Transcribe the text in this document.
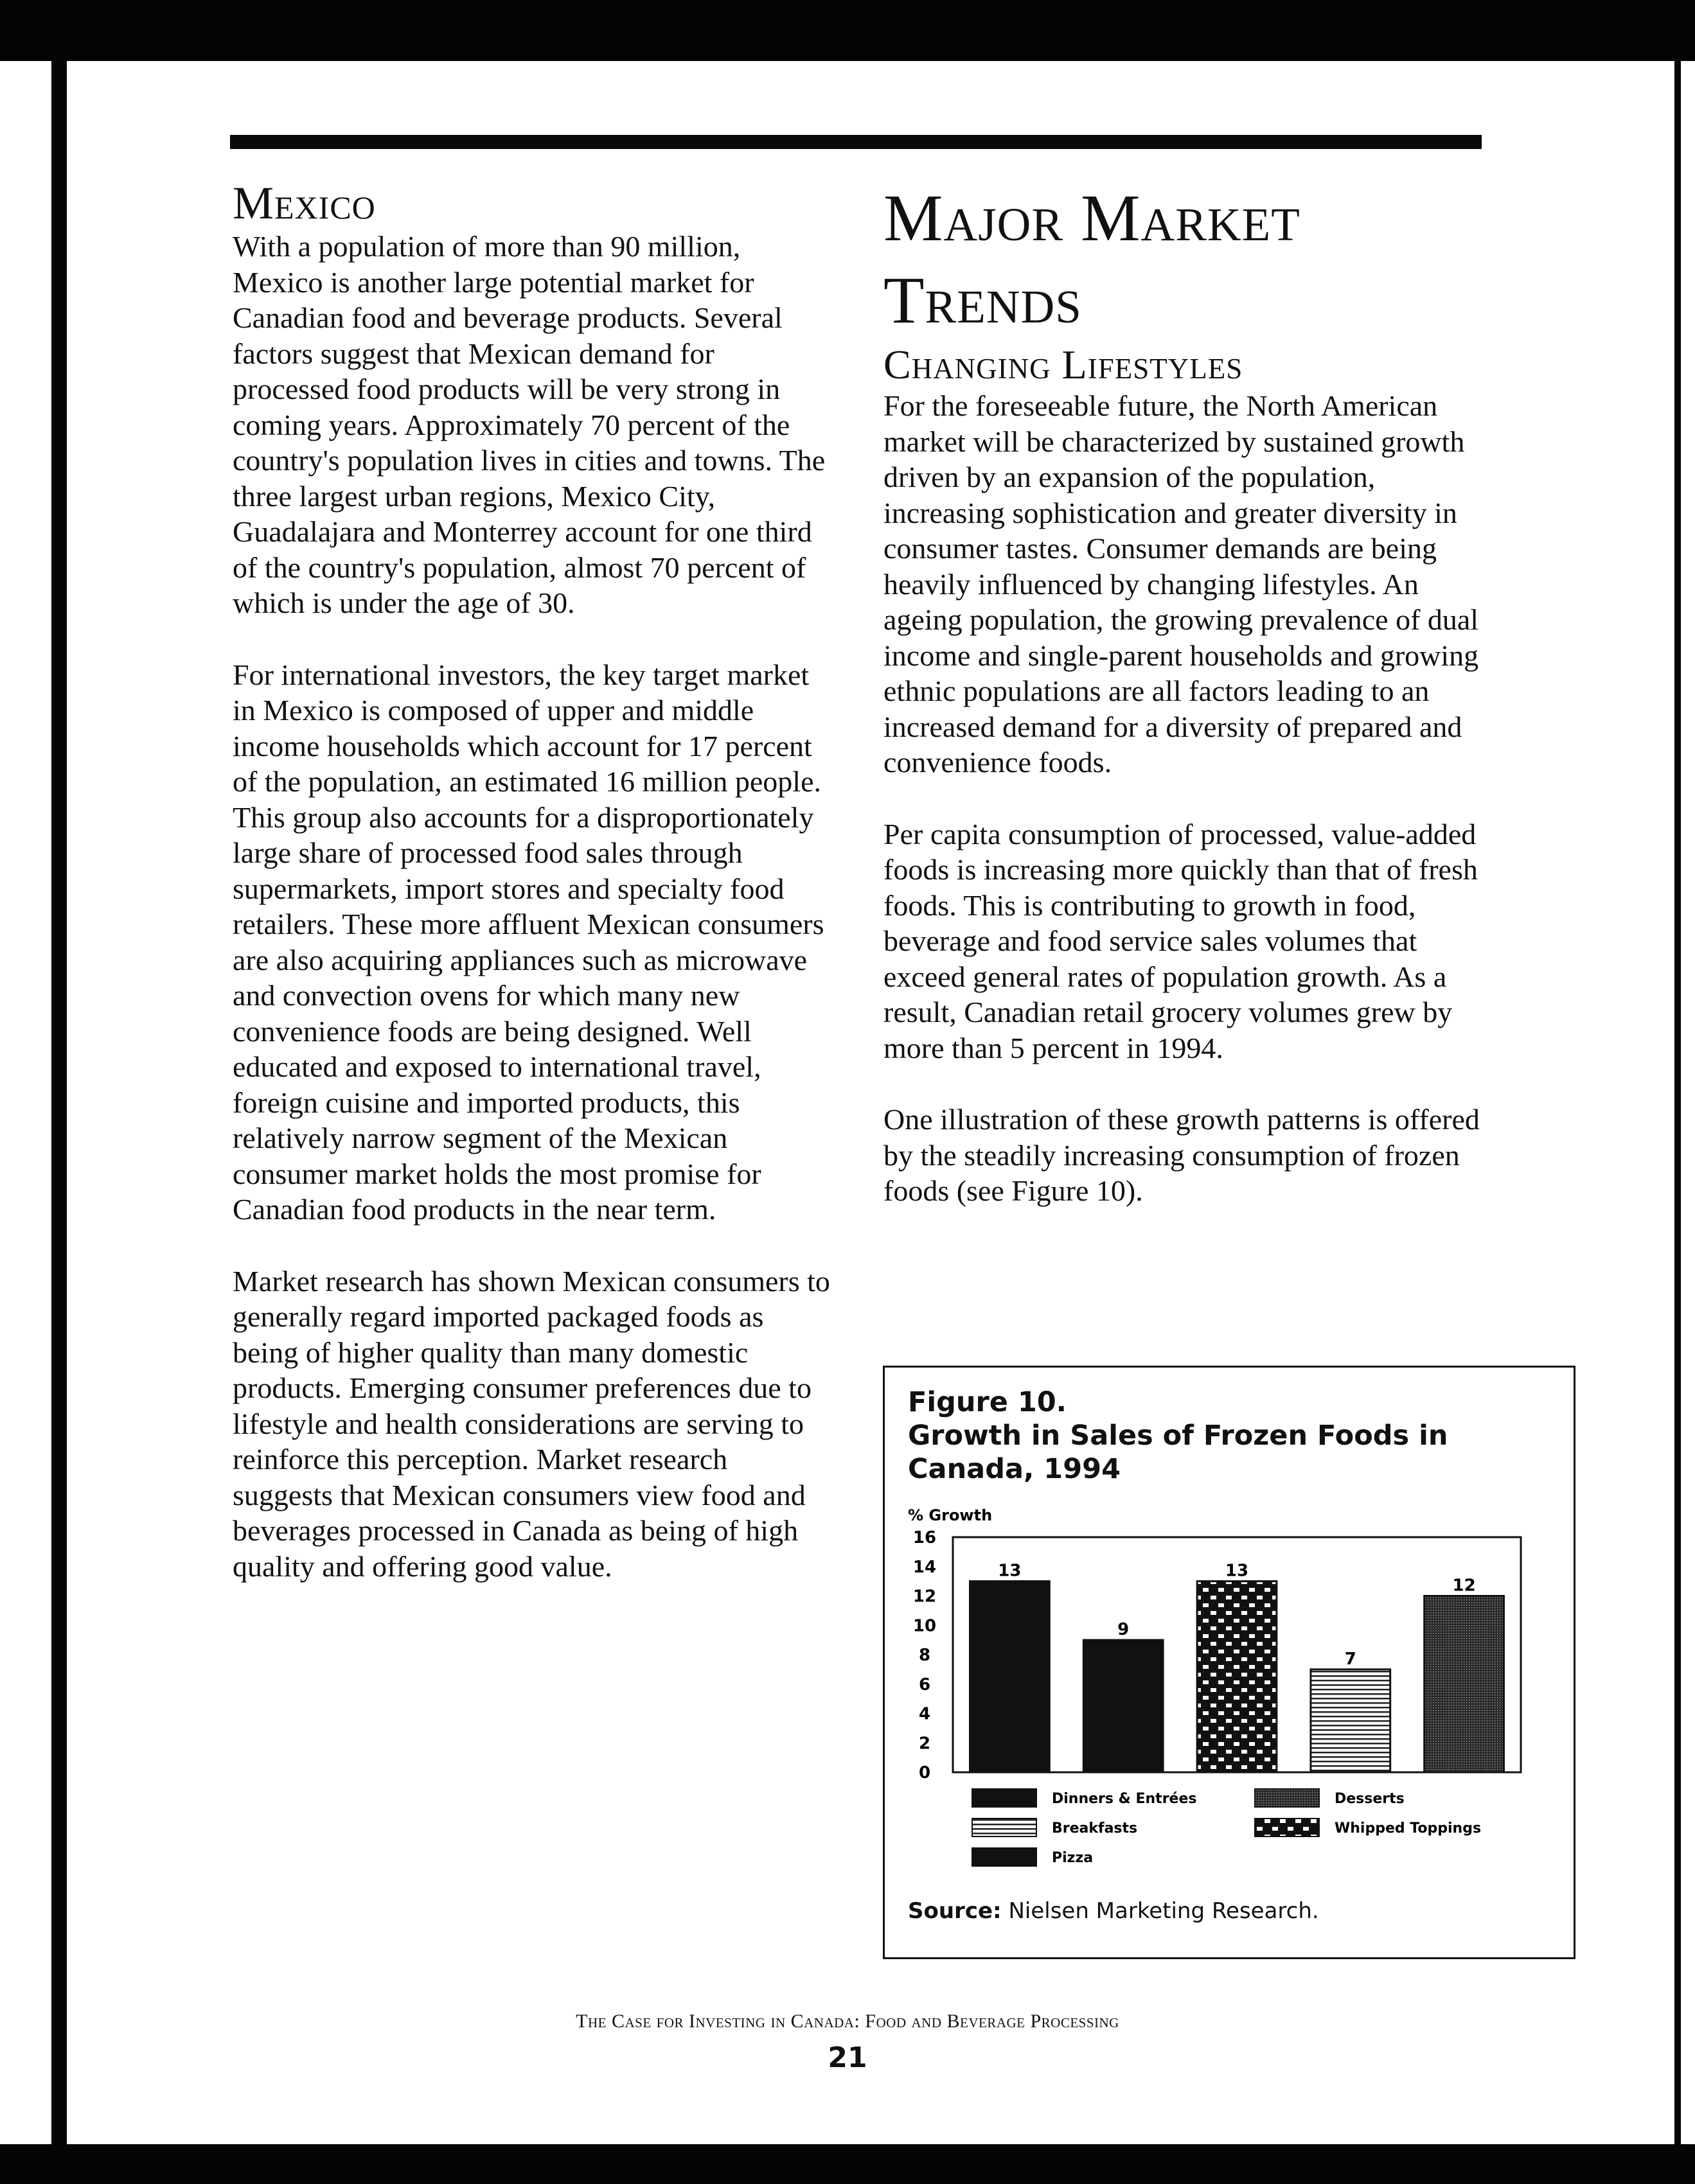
Mexico

With a population of more than 90 million, Mexico is another large potential market for Canadian food and beverage products. Several factors suggest that Mexican demand for processed food products will be very strong in coming years. Approximately 70 percent of the country's population lives in cities and towns. The three largest urban regions, Mexico City, Guadalajara and Monterrey account for one third of the country's population, almost 70 percent of which is under the age of 30.

For international investors, the key target market in Mexico is composed of upper and middle income households which account for 17 percent of the population, an estimated 16 million people. This group also accounts for a disproportionately large share of processed food sales through supermarkets, import stores and specialty food retailers. These more affluent Mexican consumers are also acquiring appliances such as microwave and convection ovens for which many new convenience foods are being designed. Well educated and exposed to international travel, foreign cuisine and imported products, this relatively narrow segment of the Mexican consumer market holds the most promise for Canadian food products in the near term.

Market research has shown Mexican consumers to generally regard imported packaged foods as being of higher quality than many domestic products. Emerging consumer preferences due to lifestyle and health considerations are serving to reinforce this perception. Market research suggests that Mexican consumers view food and beverages processed in Canada as being of high quality and offering good value.

Major Market
Trends
Changing Lifestyles

For the foreseeable future, the North American market will be characterized by sustained growth driven by an expansion of the population, increasing sophistication and greater diversity in consumer tastes. Consumer demands are being heavily influenced by changing lifestyles. An ageing population, the growing prevalence of dual income and single-parent households and growing ethnic populations are all factors leading to an increased demand for a diversity of prepared and convenience foods.

Per capita consumption of processed, value-added foods is increasing more quickly than that of fresh foods. This is contributing to growth in food, beverage and food service sales volumes that exceed general rates of population growth. As a result, Canadian retail grocery volumes grew by more than 5 percent in 1994.

One illustration of these growth patterns is offered by the steadily increasing consumption of frozen foods (see Figure 10).

Figure 10.
Growth in Sales of Frozen Foods in
Canada, 1994
% Growth
0
2
4
6
8
10
12
14
16
13
9
13
7
12
Dinners & Entrées
Breakfasts
Pizza
Desserts
Whipped Toppings
Source: Nielsen Marketing Research.
The Case for Investing in Canada: Food and Beverage Processing
21
